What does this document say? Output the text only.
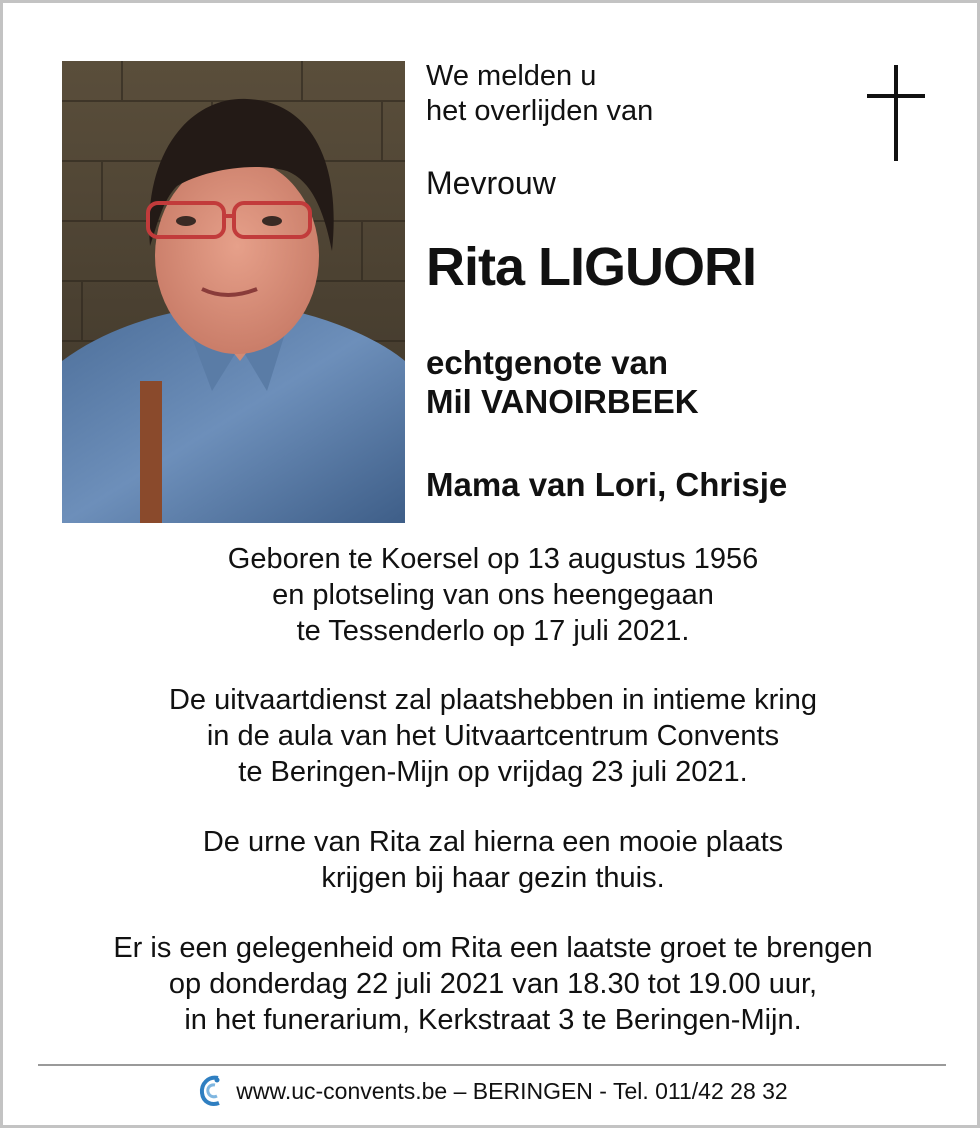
We melden u
het overlijden van
Mevrouw
Rita LIGUORI
echtgenote van
Mil VANOIRBEEK
Mama van Lori, Chrisje
Geboren te Koersel op 13 augustus 1956
en plotseling van ons heengegaan
te Tessenderlo op 17 juli 2021.
De uitvaartdienst zal plaatshebben in intieme kring
in de aula van het Uitvaartcentrum Convents
te Beringen-Mijn op vrijdag 23 juli 2021.
De urne van Rita zal hierna een mooie plaats
krijgen bij haar gezin thuis.
Er is een gelegenheid om Rita een laatste groet te brengen
op donderdag 22 juli 2021 van 18.30 tot 19.00 uur,
in het funerarium, Kerkstraat 3 te Beringen-Mijn.
www.uc-convents.be – BERINGEN - Tel. 011/42 28 32
